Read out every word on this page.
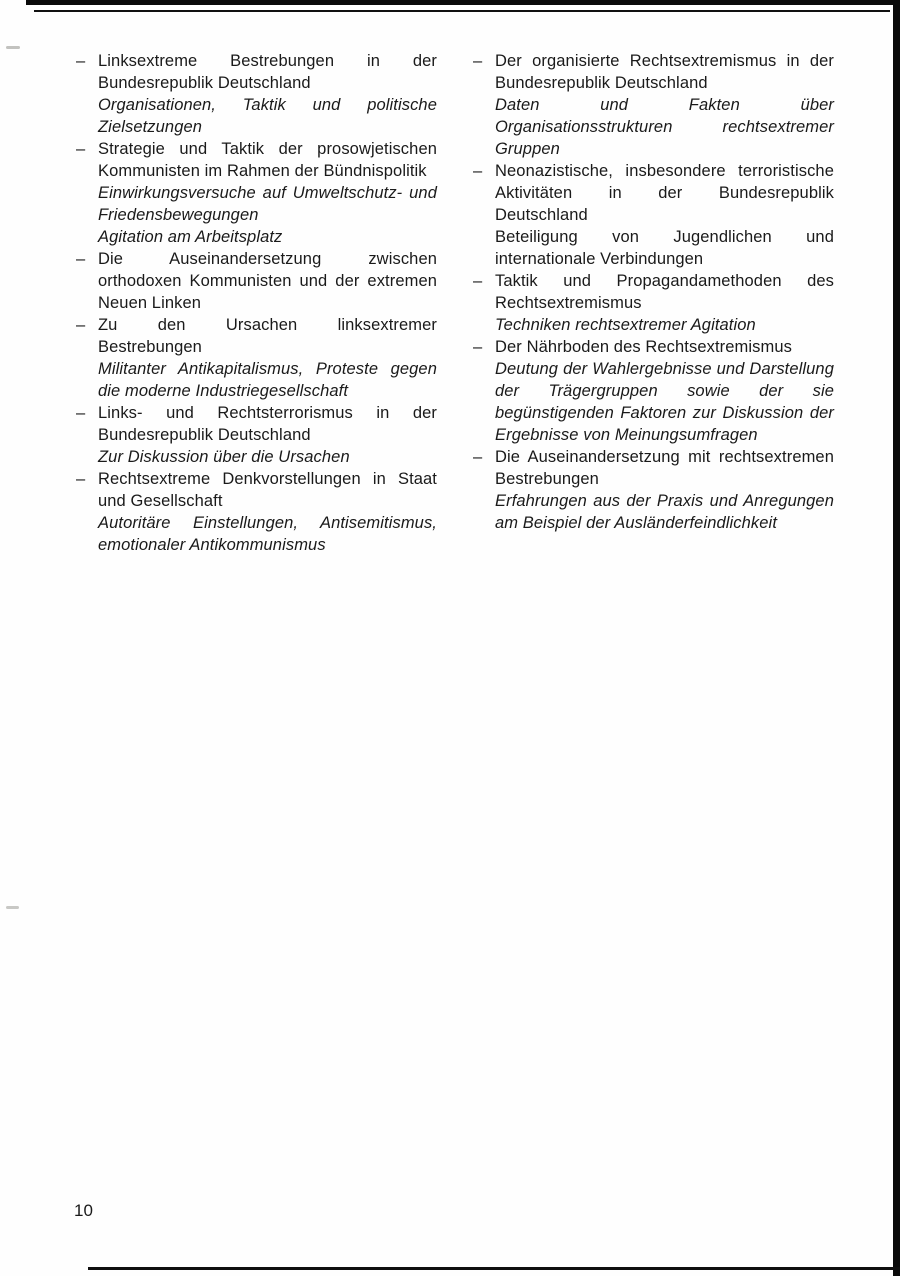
– Linksextreme Bestrebungen in der Bundesrepublik Deutschland

Organisationen, Taktik und politische Zielsetzungen

– Strategie und Taktik der prosowjetischen Kommunisten im Rahmen der Bündnispolitik

Einwirkungsversuche auf Umweltschutz- und Friedensbewegungen

Agitation am Arbeitsplatz

– Die Auseinandersetzung zwischen orthodoxen Kommunisten und der extremen Neuen Linken

– Zu den Ursachen linksextremer Bestrebungen

Militanter Antikapitalismus, Proteste gegen die moderne Industriegesellschaft

– Links- und Rechtsterrorismus in der Bundesrepublik Deutschland

Zur Diskussion über die Ursachen

– Rechtsextreme Denkvorstellungen in Staat und Gesellschaft

Autoritäre Einstellungen, Antisemitismus, emotionaler Antikommunismus

– Der organisierte Rechtsextremismus in der Bundesrepublik Deutschland

Daten und Fakten über Organisationsstrukturen rechtsextremer Gruppen

– Neonazistische, insbesondere terroristische Aktivitäten in der Bundesrepublik Deutschland

Beteiligung von Jugendlichen und internationale Verbindungen

– Taktik und Propagandamethoden des Rechtsextremismus

Techniken rechtsextremer Agitation

– Der Nährboden des Rechtsextremismus

Deutung der Wahlergebnisse und Darstellung der Trägergruppen sowie der sie begünstigenden Faktoren zur Diskussion der Ergebnisse von Meinungsumfragen

– Die Auseinandersetzung mit rechtsextremen Bestrebungen

Erfahrungen aus der Praxis und Anregungen am Beispiel der Ausländerfeindlichkeit

10
